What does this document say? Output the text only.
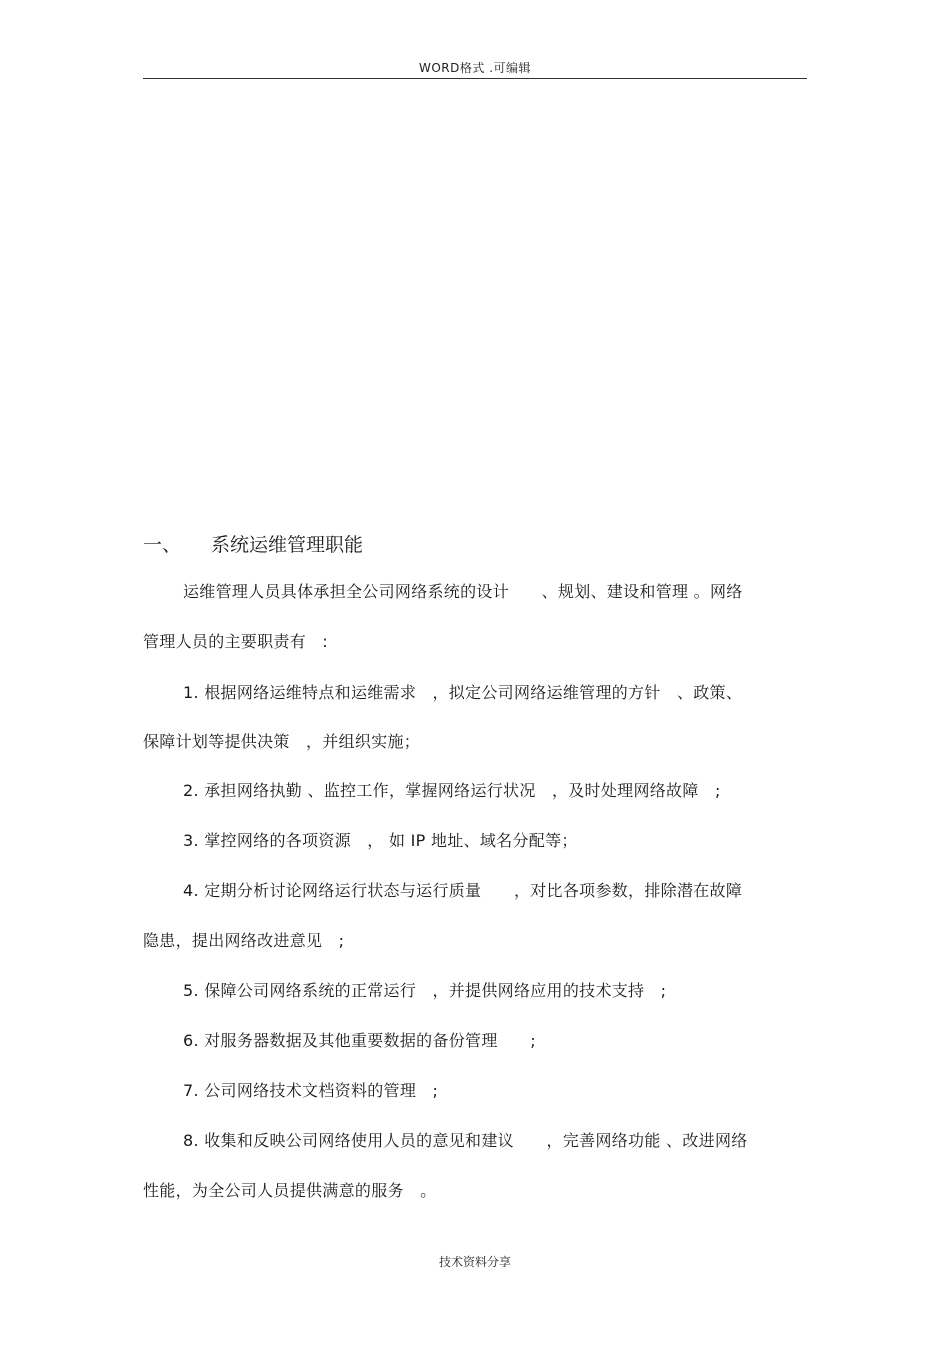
WORD格式 .可编辑
一、 系统运维管理职能
运维管理人员具体承担全公司网络系统的设计　　、规划、建设和管理 。网络
管理人员的主要职责有　:
1. 根据网络运维特点和运维需求　，拟定公司网络运维管理的方针　、政策、
保障计划等提供决策　，并组织实施；
2. 承担网络执勤 、监控工作，掌握网络运行状况　，及时处理网络故障　;
3. 掌控网络的各项资源　， 如 IP 地址、域名分配等；
4. 定期分析讨论网络运行状态与运行质量　　，对比各项参数，排除潜在故障
隐患，提出网络改进意见　;
5. 保障公司网络系统的正常运行　，并提供网络应用的技术支持　;
6. 对服务器数据及其他重要数据的备份管理　　;
7. 公司网络技术文档资料的管理　;
8. 收集和反映公司网络使用人员的意见和建议　　，完善网络功能 、改进网络
性能，为全公司人员提供满意的服务　。
技术资料分享
